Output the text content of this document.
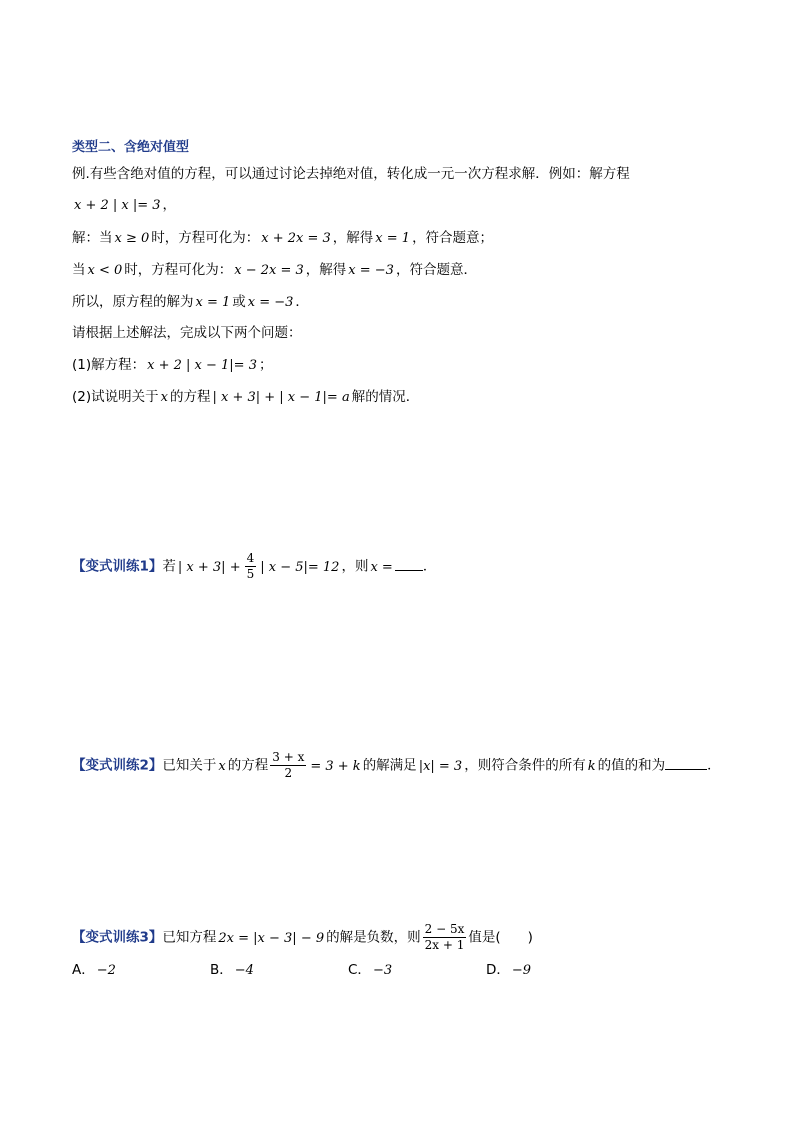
类型二、含绝对值型
例.有些含绝对值的方程，可以通过讨论去掉绝对值，转化成一元一次方程求解．例如：解方程
x + 2 | x |= 3 ，
解：当 x ≥ 0 时，方程可化为： x + 2x = 3 ，解得 x = 1 ，符合题意；
当 x < 0 时，方程可化为： x − 2x = 3 ，解得 x = −3 ，符合题意．
所以，原方程的解为 x = 1 或 x = −3 ．
请根据上述解法，完成以下两个问题：
(1)解方程： x + 2 | x − 1|= 3 ；
(2)试说明关于 x 的方程 | x + 3| + | x − 1|= a 解的情况．
【变式训练1】若 | $x + 3| + \frac{4}{5}$ | x − 5|= 12 ，则 x = ．
【变式训练2】已知关于 x 的方程 $\frac{3 + x}{2} = 3 + k$ 的解满足 |x| = 3 ，则符合条件的所有 k 的值的和为	．
【变式训练3】已知方程 2x = |x − 3| − 9 的解是负数，则 $\frac{2 - 5x}{2x + 1}$ 值是(　　)
A． −2	B． −4	C． −3	D． −9
